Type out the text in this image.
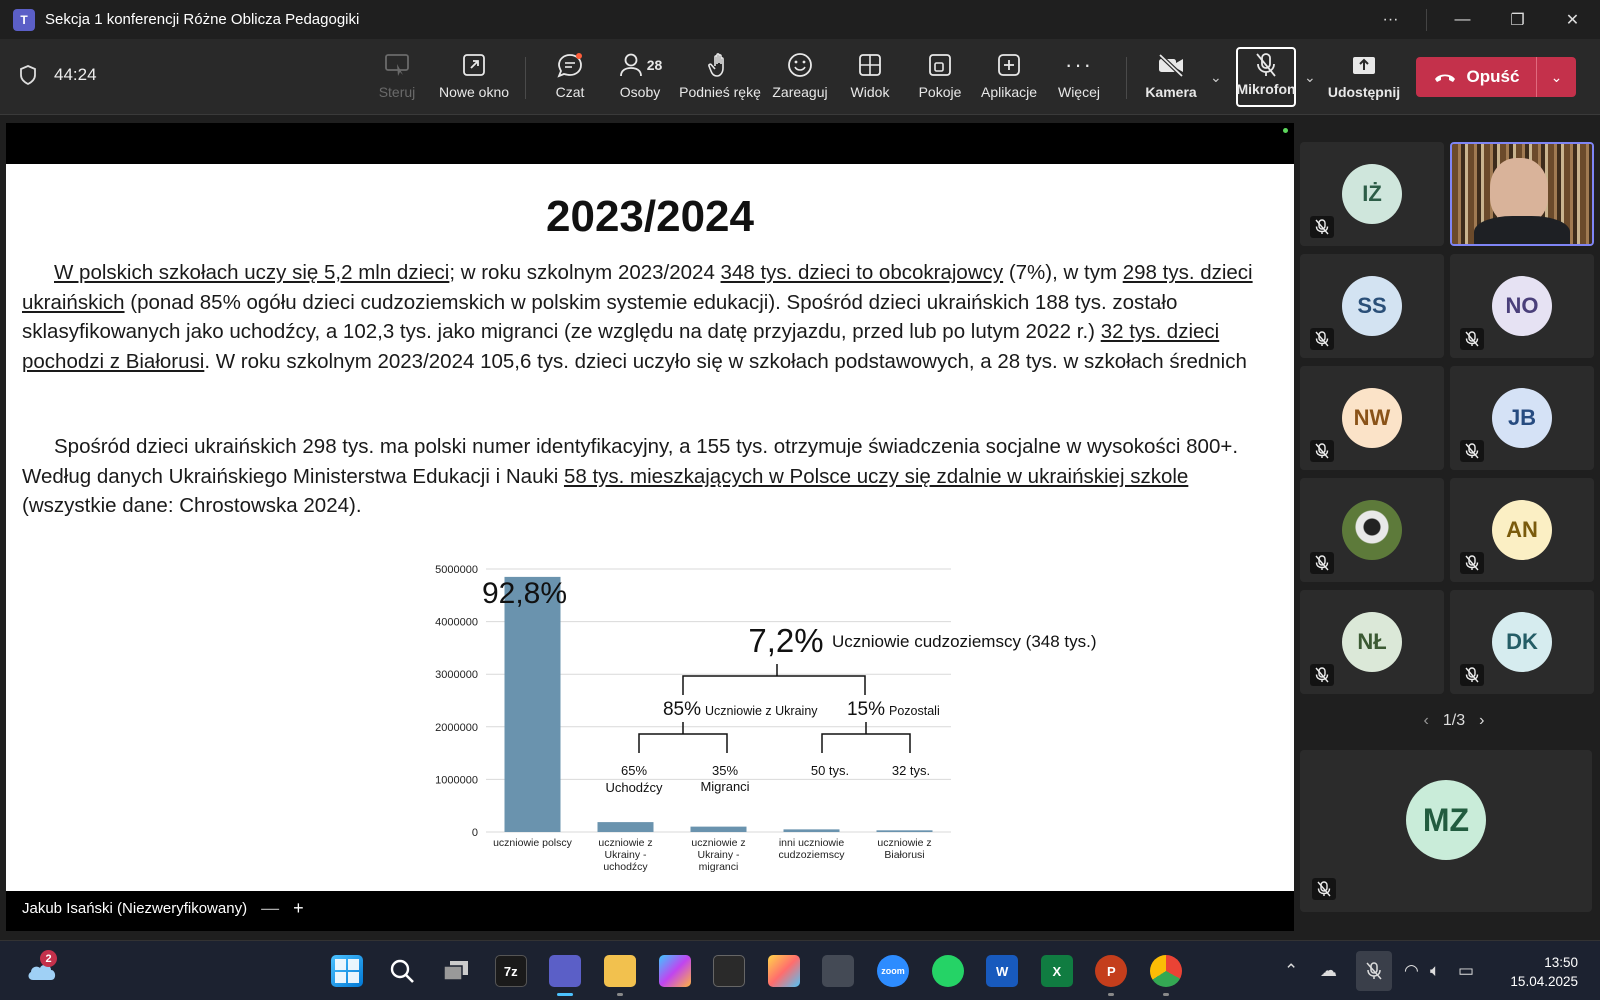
T	Sekcja 1 konferencji Różne Oblicza Pedagogiki	···	—	❐	✕
44:24
Steruj Nowe okno	Czat
28
Osoby Podnieś rękę Zareaguj Widok Pokoje Aplikacje
···
Więcej	Kamera
⌄
Mikrofon
⌄
Udostępnij
Opuść	⌄
2023/2024
W polskich szkołach uczy się 5,2 mln dzieci; w roku szkolnym 2023/2024 348 tys. dzieci to obcokrajowcy (7%), w tym 298 tys. dzieci ukraińskich (ponad 85% ogółu dzieci cudzoziemskich w polskim systemie edukacji). Spośród dzieci ukraińskich 188 tys. zostało sklasyfikowanych jako uchodźcy, a 102,3 tys. jako migranci (ze względu na datę przyjazdu, przed lub po lutym 2022 r.) 32 tys. dzieci pochodzi z Białorusi. W roku szkolnym 2023/2024 105,6 tys. dzieci uczyło się w szkołach podstawowych, a 28 tys. w szkołach średnich
Spośród dzieci ukraińskich 298 tys. ma polski numer identyfikacyjny, a 155 tys. otrzymuje świadczenia socjalne w wysokości 800+. Według danych Ukraińskiego Ministerstwa Edukacji i Nauki 58 tys. mieszkających w Polsce uczy się zdalnie w ukraińskiej szkole (wszystkie dane: Chrostowska 2024).
0
1000000
2000000
3000000
4000000
5000000
uczniowie polscy	uczniowie z
Ukrainy -
uchodźcy
uczniowie z
Ukrainy -
migranci
inni uczniowie
cudzoziemscy
uczniowie z
Białorusi
92,8%
7,2% Uczniowie cudzoziemscy (348 tys.)
85% Uczniowie z Ukrainy 15% Pozostali
65%
Uchodźcy
35%
Migranci
50 tys.	32 tys.
Jakub Isański (Niezweryfikowany) — +
IŻ
SS	NO
NW	JB
AN
NŁ	DK
‹ 1/3 ›
MZ
2
7z	zoom	W	X	P	⌃ ☁	◠ 🔈︎ ▭	13:50
15.04.2025
